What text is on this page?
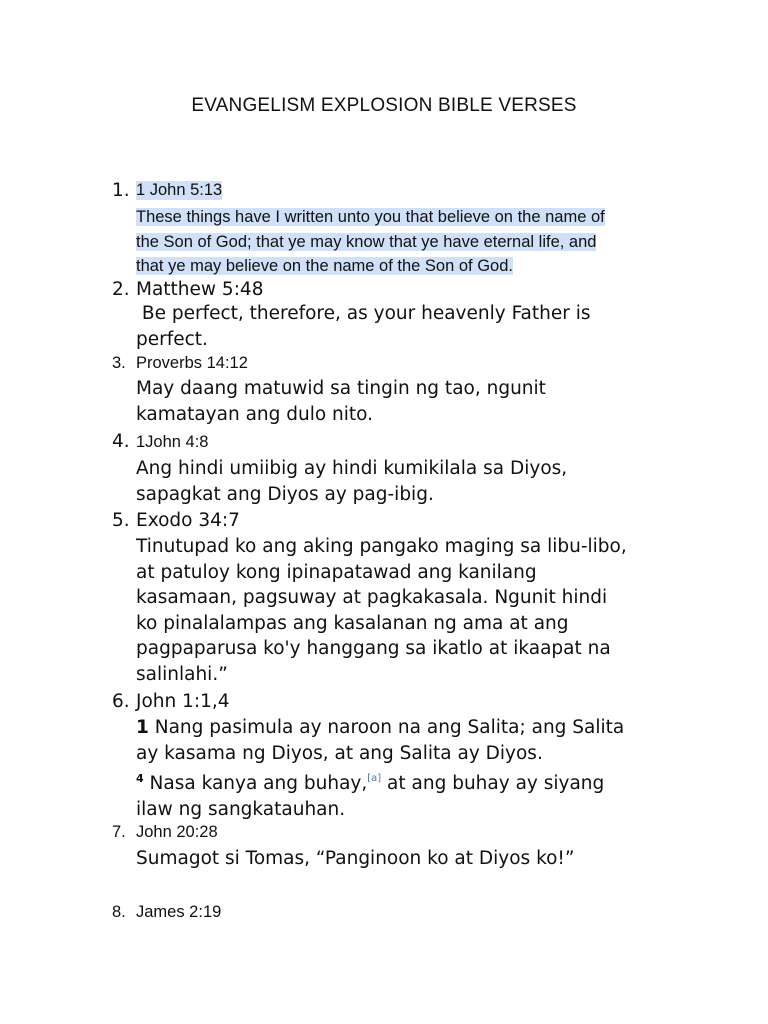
EVANGELISM EXPLOSION BIBLE VERSES
1. 1 John 5:13
These things have I written unto you that believe on the name of
the Son of God; that ye may know that ye have eternal life, and
that ye may believe on the name of the Son of God.
2. Matthew 5:48
Be perfect, therefore, as your heavenly Father is
perfect.
3. Proverbs 14:12
May daang matuwid sa tingin ng tao, ngunit
kamatayan ang dulo nito.
4. 1John 4:8
Ang hindi umiibig ay hindi kumikilala sa Diyos,
sapagkat ang Diyos ay pag-ibig.
5. Exodo 34:7
Tinutupad ko ang aking pangako maging sa libu-libo,
at patuloy kong ipinapatawad ang kanilang
kasamaan, pagsuway at pagkakasala. Ngunit hindi
ko pinalalampas ang kasalanan ng ama at ang
pagpaparusa ko'y hanggang sa ikatlo at ikaapat na
salinlahi.”
6. John 1:1,4
1 Nang pasimula ay naroon na ang Salita; ang Salita
ay kasama ng Diyos, at ang Salita ay Diyos.
$^4$ Nasa kanya ang buhay,[a] at ang buhay ay siyang
ilaw ng sangkatauhan.
7. John 20:28
Sumagot si Tomas, “Panginoon ko at Diyos ko!”
8. James 2:19
